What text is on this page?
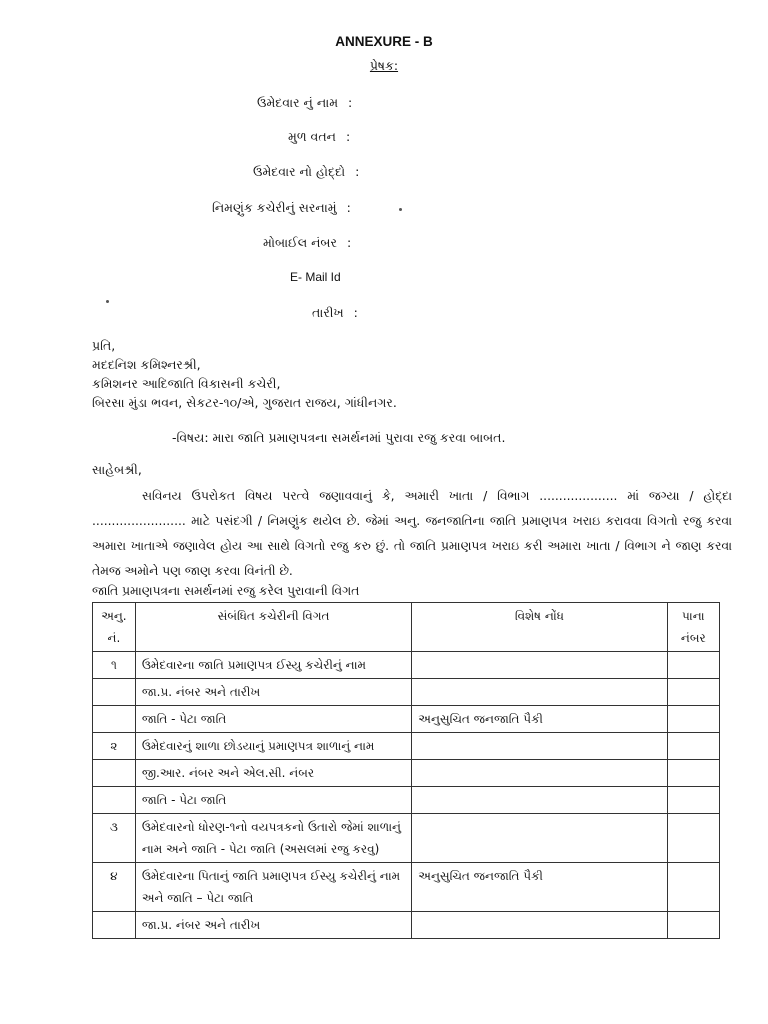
ANNEXURE - B
પ્રેષક:
ઉમેદવાર નું નામ :
મુળ વતન :
ઉમેદવાર નો હોદ્દો :
નિમણુંક કચેરીનું સરનામું :
મોબાઈલ નંબર :
E- Mail Id
તારીખ :
પ્રતિ,
મદદનિશ કમિશ્નરશ્રી,
કમિશનર આદિજાતિ વિકાસની કચેરી,
બિરસા મુંડા ભવન, સેકટર-૧૦/એ, ગુજરાત રાજય, ગાંધીનગર.
-વિષય: મારા જાતિ પ્રમાણપત્રના સમર્થનમાં પુરાવા રજુ કરવા બાબત.
સાહેબશ્રી,
સવિનય ઉપરોકત વિષય પરત્વે જણાવવાનું કે, અમારી ખાતા / વિભાગ .................... માં જગ્યા / હોદ્દા ........................ માટે પસંદગી / નિમણુંક થયેલ છે. જેમાં અનુ. જનજાતિના જાતિ પ્રમાણપત્ર ખરાઇ કરાવવા વિગતો રજુ કરવા અમારા ખાતાએ જણાવેલ હોય આ સાથે વિગતો રજુ કરુ છું. તો જાતિ પ્રમાણપત્ર ખરાઇ કરી અમારા ખાતા / વિભાગ ને જાણ કરવા તેમજ અમોને પણ જાણ કરવા વિનંતી છે.
જાતિ પ્રમાણપત્રના સમર્થનમાં રજુ કરેલ પુરાવાની વિગત
અનુ. નં.	સંબંધિત કચેરીની વિગત	વિશેષ નોંધ	પાના નંબર
૧	ઉમેદવારના જાતિ પ્રમાણપત્ર ઈસ્યુ કચેરીનું નામ		
	જા.પ્ર. નંબર અને તારીખ		
	જાતિ - પેટા જાતિ	અનુસુચિત જનજાતિ પૈકી	
૨	ઉમેદવારનું શાળા છોડયાનું પ્રમાણપત્ર શાળાનું નામ		
	જી.આર. નંબર અને એલ.સી. નંબર		
	જાતિ - પેટા જાતિ		
૩	ઉમેદવારનો ધોરણ-૧નો વયપત્રકનો ઉતારો જેમાં શાળાનું નામ અને જાતિ - પેટા જાતિ (અસલમાં રજુ કરવુ)		
૪	ઉમેદવારના પિતાનું જાતિ પ્રમાણપત્ર ઈસ્યુ કચેરીનું નામ અને જાતિ – પેટા જાતિ	અનુસુચિત જનજાતિ પૈકી	
	જા.પ્ર. નંબર અને તારીખ		
